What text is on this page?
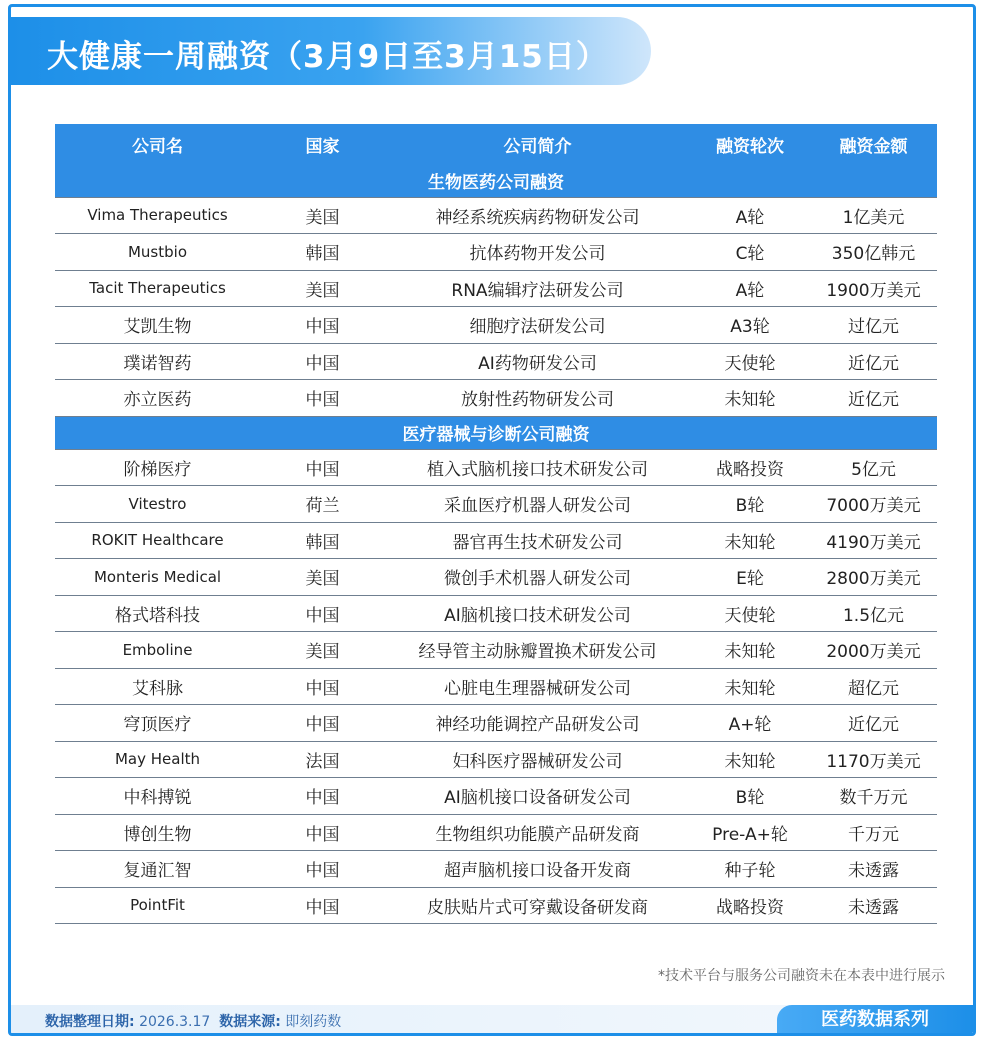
大健康一周融资（3月9日至3月15日）
公司名	国家	公司简介	融资轮次	融资金额
生物医药公司融资				
Vima Therapeutics	美国	神经系统疾病药物研发公司	A轮	1亿美元
Mustbio	韩国	抗体药物开发公司	C轮	350亿韩元
Tacit Therapeutics	美国	RNA编辑疗法研发公司	A轮	1900万美元
艾凯生物	中国	细胞疗法研发公司	A3轮	过亿元
璞诺智药	中国	AI药物研发公司	天使轮	近亿元
亦立医药	中国	放射性药物研发公司	未知轮	近亿元
医疗器械与诊断公司融资				
阶梯医疗	中国	植入式脑机接口技术研发公司	战略投资	5亿元
Vitestro	荷兰	采血医疗机器人研发公司	B轮	7000万美元
ROKIT Healthcare	韩国	器官再生技术研发公司	未知轮	4190万美元
Monteris Medical	美国	微创手术机器人研发公司	E轮	2800万美元
格式塔科技	中国	AI脑机接口技术研发公司	天使轮	1.5亿元
Emboline	美国	经导管主动脉瓣置换术研发公司	未知轮	2000万美元
艾科脉	中国	心脏电生理器械研发公司	未知轮	超亿元
穹顶医疗	中国	神经功能调控产品研发公司	A+轮	近亿元
May Health	法国	妇科医疗器械研发公司	未知轮	1170万美元
中科搏锐	中国	AI脑机接口设备研发公司	B轮	数千万元
博创生物	中国	生物组织功能膜产品研发商	Pre-A+轮	千万元
复通汇智	中国	超声脑机接口设备开发商	种子轮	未透露
PointFit	中国	皮肤贴片式可穿戴设备研发商	战略投资	未透露
*技术平台与服务公司融资未在本表中进行展示
数据整理日期: 2026.3.17 数据来源: 即刻药数	医药数据系列
